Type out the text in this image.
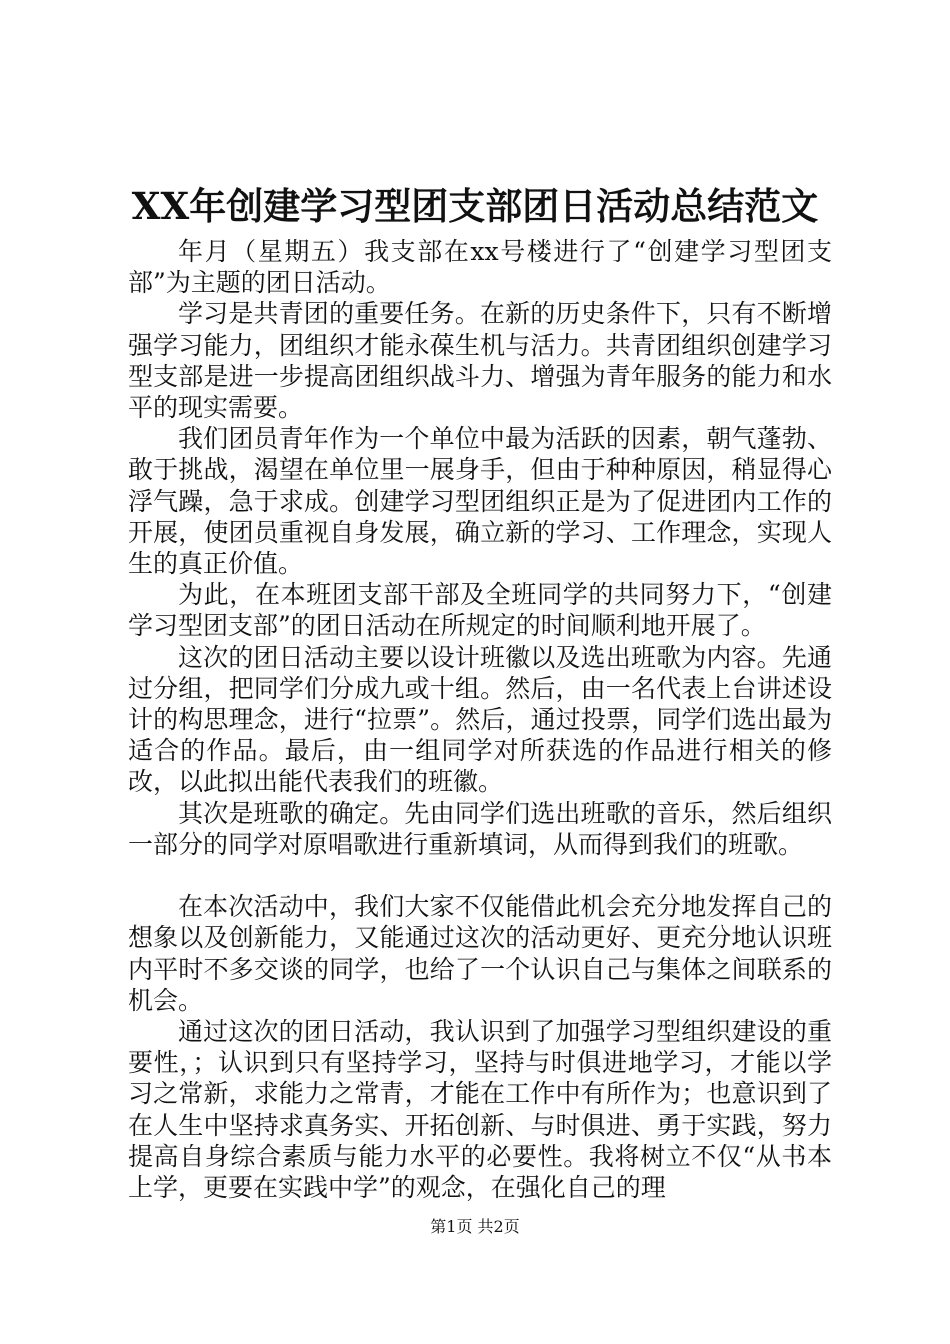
XX年创建学习型团支部团日活动总结范文

年月（星期五）我支部在xx号楼进行了“创建学习型团支部”为主题的团日活动。

学习是共青团的重要任务。在新的历史条件下，只有不断增强学习能力，团组织才能永葆生机与活力。共青团组织创建学习型支部是进一步提高团组织战斗力、增强为青年服务的能力和水平的现实需要。

我们团员青年作为一个单位中最为活跃的因素，朝气蓬勃、敢于挑战，渴望在单位里一展身手，但由于种种原因，稍显得心浮气躁，急于求成。创建学习型团组织正是为了促进团内工作的开展，使团员重视自身发展，确立新的学习、工作理念，实现人生的真正价值。

为此，在本班团支部干部及全班同学的共同努力下，“创建学习型团支部”的团日活动在所规定的时间顺利地开展了。

这次的团日活动主要以设计班徽以及选出班歌为内容。先通过分组，把同学们分成九或十组。然后，由一名代表上台讲述设计的构思理念，进行“拉票”。然后，通过投票，同学们选出最为适合的作品。最后，由一组同学对所获选的作品进行相关的修改，以此拟出能代表我们的班徽。

其次是班歌的确定。先由同学们选出班歌的音乐，然后组织一部分的同学对原唱歌进行重新填词，从而得到我们的班歌。

在本次活动中，我们大家不仅能借此机会充分地发挥自己的想象以及创新能力，又能通过这次的活动更好、更充分地认识班内平时不多交谈的同学，也给了一个认识自己与集体之间联系的机会。

通过这次的团日活动，我认识到了加强学习型组织建设的重要性，；认识到只有坚持学习，坚持与时俱进地学习，才能以学习之常新，求能力之常青，才能在工作中有所作为；也意识到了在人生中坚持求真务实、开拓创新、与时俱进、勇于实践，努力提高自身综合素质与能力水平的必要性。我将树立不仅“从书本上学，更要在实践中学”的观念，在强化自己的理

第1页 共2页
